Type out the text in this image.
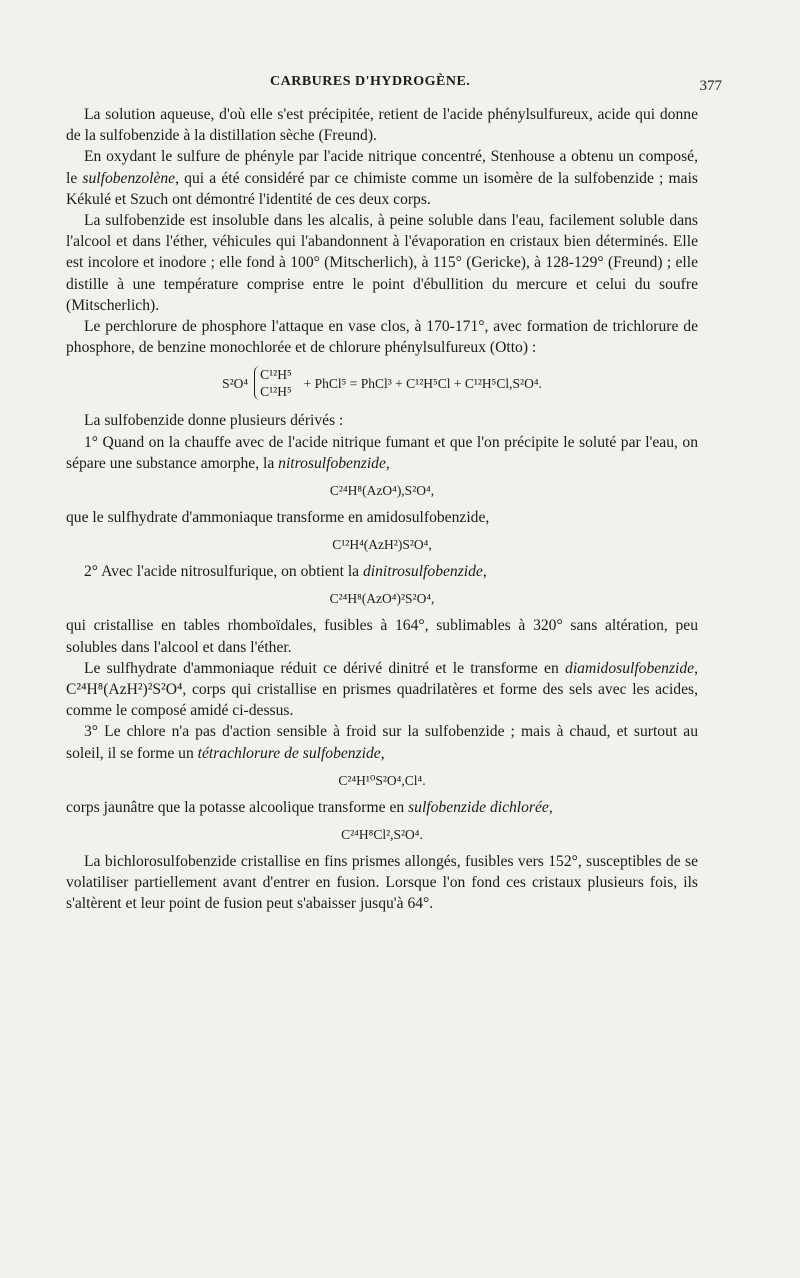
CARBURES D'HYDROGÈNE.	377

La solution aqueuse, d'où elle s'est précipitée, retient de l'acide phénylsulfureux, acide qui donne de la sulfobenzide à la distillation sèche (Freund).

En oxydant le sulfure de phényle par l'acide nitrique concentré, Stenhouse a obtenu un composé, le sulfobenzolène, qui a été considéré par ce chimiste comme un isomère de la sulfobenzide ; mais Kékulé et Szuch ont démontré l'identité de ces deux corps.

La sulfobenzide est insoluble dans les alcalis, à peine soluble dans l'eau, facilement soluble dans l'alcool et dans l'éther, véhicules qui l'abandonnent à l'évaporation en cristaux bien déterminés. Elle est incolore et inodore ; elle fond à 100° (Mitscherlich), à 115° (Gericke), à 128-129° (Freund) ; elle distille à une température comprise entre le point d'ébullition du mercure et celui du soufre (Mitscherlich).

Le perchlorure de phosphore l'attaque en vase clos, à 170-171°, avec formation de trichlorure de phosphore, de benzine monochlorée et de chlorure phénylsulfureux (Otto) :

S²O⁴
C¹²H⁵
C¹²H⁵
+ PhCl⁵ = PhCl³ + C¹²H⁵Cl + C¹²H⁵Cl,S²O⁴.

La sulfobenzide donne plusieurs dérivés :

1° Quand on la chauffe avec de l'acide nitrique fumant et que l'on précipite le soluté par l'eau, on sépare une substance amorphe, la nitrosulfobenzide,

C²⁴H⁸(AzO⁴),S²O⁴,

que le sulfhydrate d'ammoniaque transforme en amidosulfobenzide,

C¹²H⁴(AzH²)S²O⁴,

2° Avec l'acide nitrosulfurique, on obtient la dinitrosulfobenzide,

C²⁴H⁸(AzO⁴)²S²O⁴,

qui cristallise en tables rhomboïdales, fusibles à 164°, sublimables à 320° sans altération, peu solubles dans l'alcool et dans l'éther.

Le sulfhydrate d'ammoniaque réduit ce dérivé dinitré et le transforme en diamidosulfobenzide, C²⁴H⁸(AzH²)²S²O⁴, corps qui cristallise en prismes quadrilatères et forme des sels avec les acides, comme le composé amidé ci-dessus.

3° Le chlore n'a pas d'action sensible à froid sur la sulfobenzide ; mais à chaud, et surtout au soleil, il se forme un tétrachlorure de sulfobenzide,

C²⁴H¹⁰S²O⁴,Cl⁴.

corps jaunâtre que la potasse alcoolique transforme en sulfobenzide dichlorée,

C²⁴H⁸Cl²,S²O⁴.

La bichlorosulfobenzide cristallise en fins prismes allongés, fusibles vers 152°, susceptibles de se volatiliser partiellement avant d'entrer en fusion. Lorsque l'on fond ces cristaux plusieurs fois, ils s'altèrent et leur point de fusion peut s'abaisser jusqu'à 64°.
